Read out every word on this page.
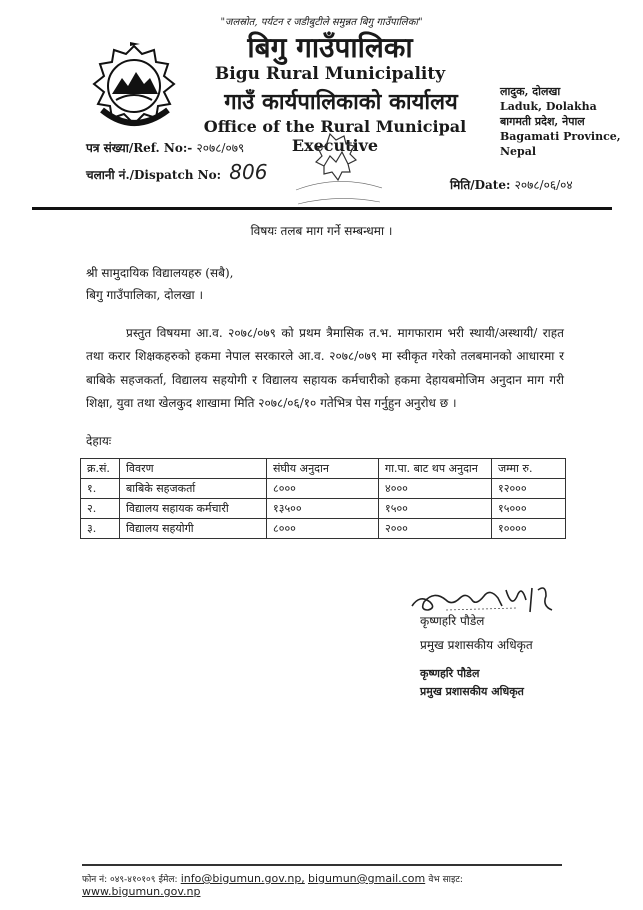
"जलस्रोत, पर्यटन र जडीबुटीले समुन्नत बिगु गाउँपालिका"
बिगु गाउँपालिका
Bigu Rural Municipality
गाउँ कार्यपालिकाको कार्यालय
Office of the Rural Municipal Executive
लादुक, दोलखा
Laduk, Dolakha
बागमती प्रदेश, नेपाल
Bagamati Province, Nepal
पत्र संख्या/Ref. No:- २०७८/०७९
चलानी नं./Dispatch No: 806
मिति/Date: २०७८/०६/०४
विषयः तलब माग गर्ने सम्बन्धमा ।
श्री सामुदायिक विद्यालयहरु (सबै),
बिगु गाउँपालिका, दोलखा ।

प्रस्तुत विषयमा आ.व. २०७८/०७९ को प्रथम त्रैमासिक त.भ. मागफाराम भरी स्थायी/अस्थायी/ राहत तथा करार शिक्षकहरुको हकमा नेपाल सरकारले आ.व. २०७८/०७९ मा स्वीकृत गरेको तलबमानको आधारमा र बाबिके सहजकर्ता, विद्यालय सहयोगी र विद्यालय सहायक कर्मचारीको हकमा देहायबमोजिम अनुदान माग गरी शिक्षा, युवा तथा खेलकुद शाखामा मिति २०७८/०६/१० गतेभित्र पेस गर्नुहुन अनुरोध छ ।

देहायः
क्र.सं.	विवरण	संघीय अनुदान	गा.पा. बाट थप अनुदान	जम्मा रु.
१.	बाबिके सहजकर्ता	८०००	४०००	१२०००
२.	विद्यालय सहायक कर्मचारी	१३५००	१५००	१५०००
३.	विद्यालय सहयोगी	८०००	२०००	१००००
कृष्णहरि पौडेल
प्रमुख प्रशासकीय अधिकृत
कृष्णहरि पौडेल
प्रमुख प्रशासकीय अधिकृत
फोन नं: ०४९-४१०१०९ ईमेल: info@bigumun.gov.np, bigumun@gmail.com वेभ साइट: www.bigumun.gov.np
